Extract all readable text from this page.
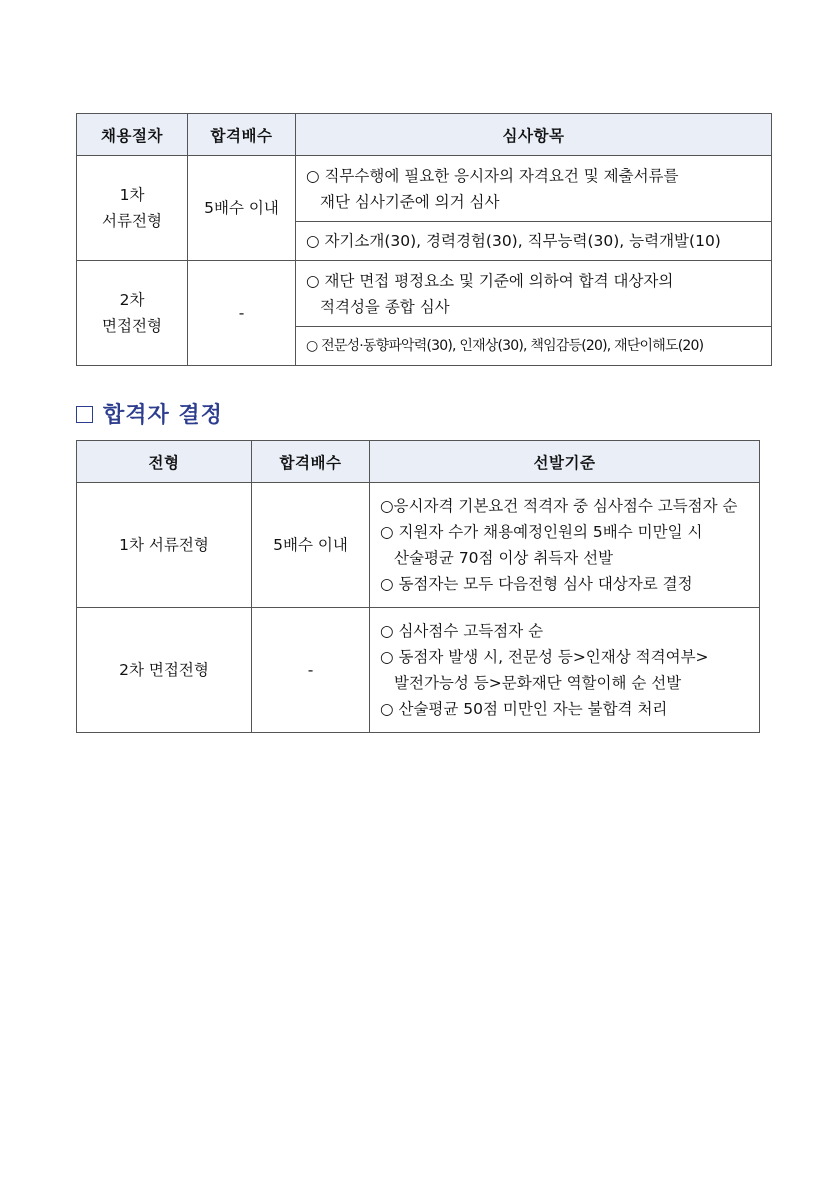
채용절차	합격배수	심사항목

1차
서류전형	5배수 이내	○ 직무수행에 필요한 응시자의 자격요건 및 제출서류를
재단 심사기준에 의거 심사

		○ 자기소개(30), 경력경험(30), 직무능력(30), 능력개발(10)

2차
면접전형	-	○ 재단 면접 평정요소 및 기준에 의하여 합격 대상자의
적격성을 종합 심사

		○ 전문성·동향파악력(30), 인재상(30), 책임감등(20), 재단이해도(20)
합격자 결정
전형	합격배수	선발기준
1차 서류전형	5배수 이내	○응시자격 기본요건 적격자 중 심사점수 고득점자 순
○ 지원자 수가 채용예정인원의 5배수 미만일 시
산술평균 70점 이상 취득자 선발
○ 동점자는 모두 다음전형 심사 대상자로 결정

2차 면접전형	-	○ 심사점수 고득점자 순
○ 동점자 발생 시, 전문성 등>인재상 적격여부>
발전가능성 등>문화재단 역할이해 순 선발
○ 산술평균 50점 미만인 자는 불합격 처리
